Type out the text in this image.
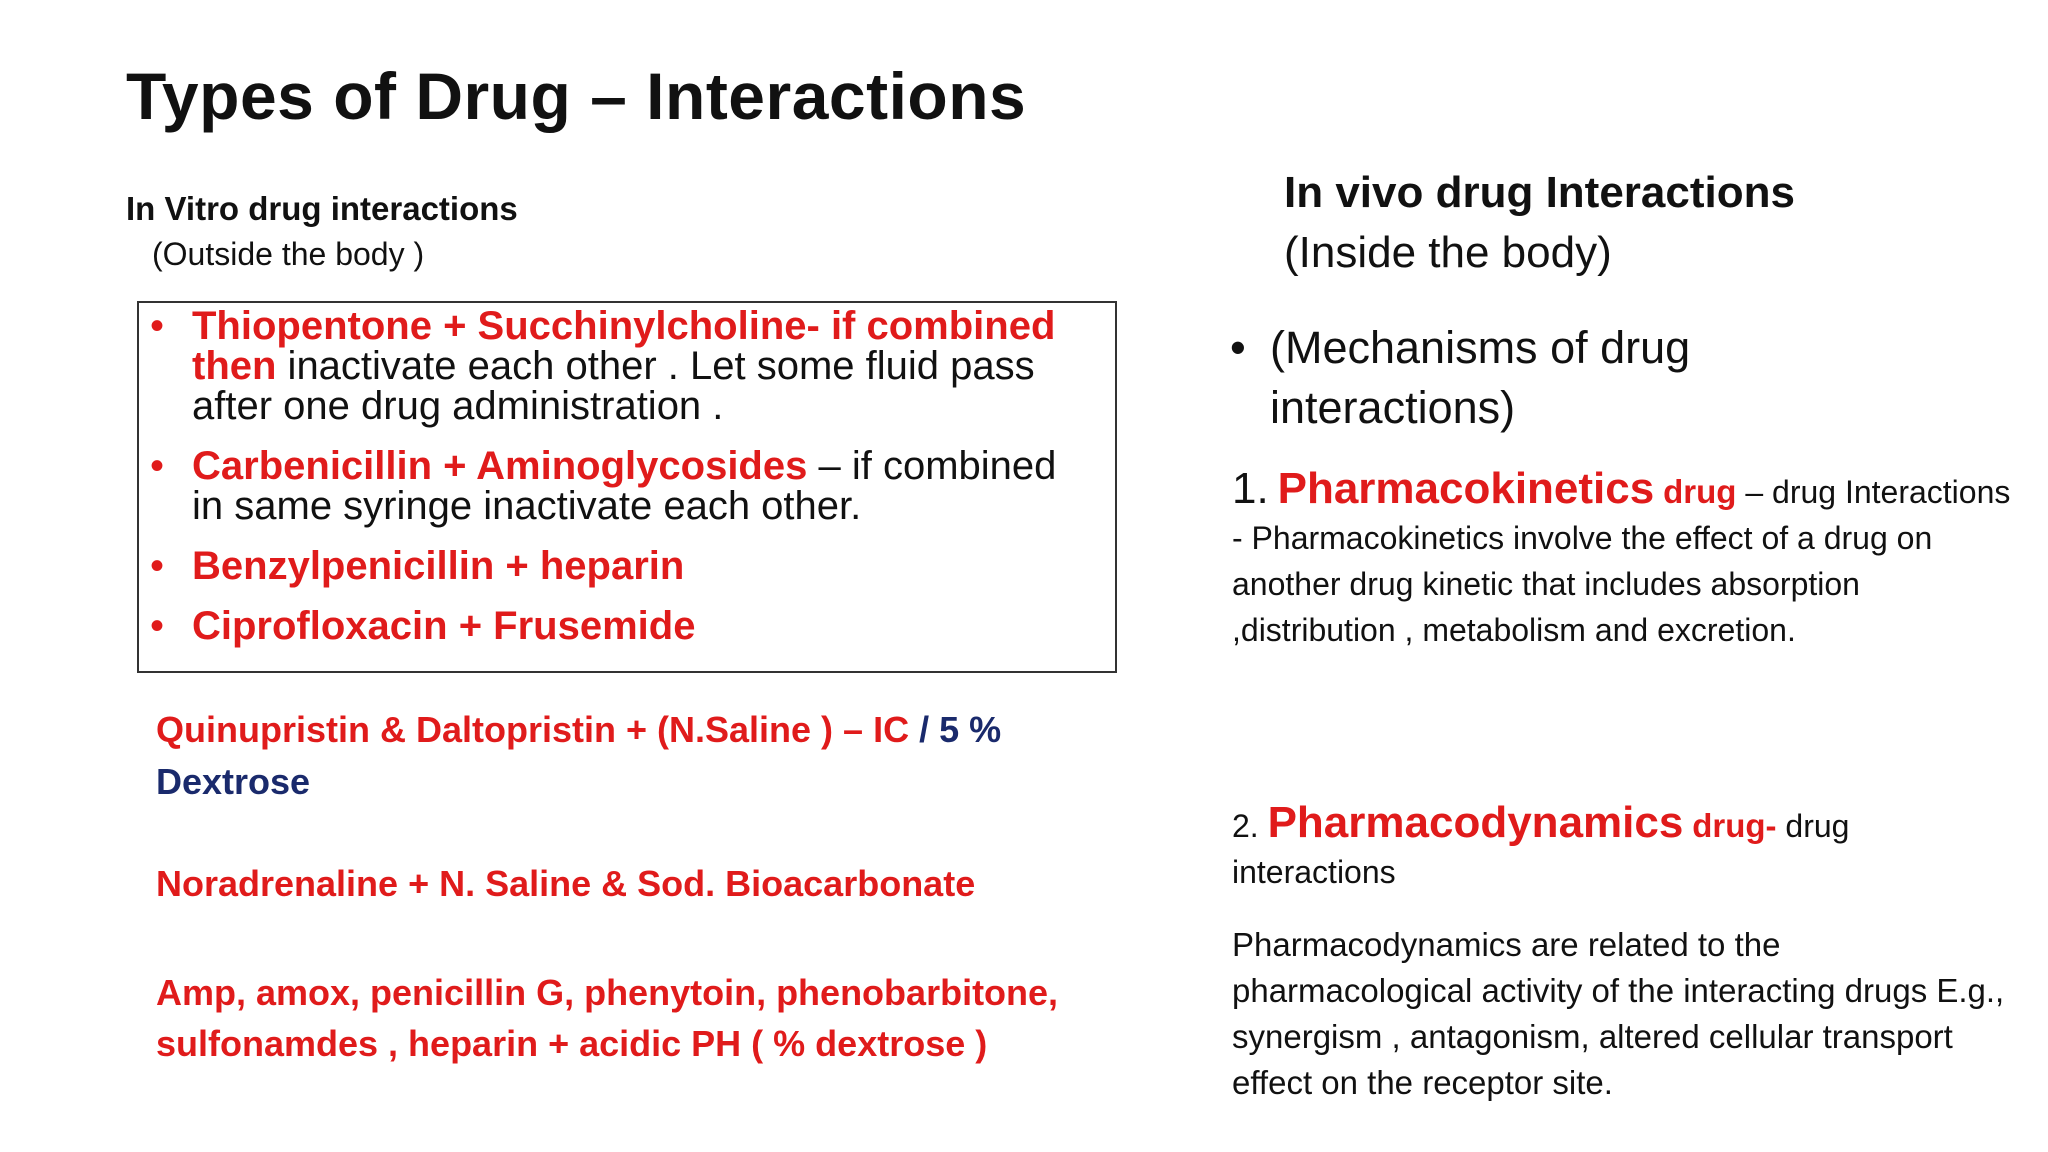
Types of Drug – Interactions
In Vitro drug interactions
(Outside the body )
• Thiopentone + Succhinylcholine- if combined then inactivate each other . Let some fluid pass after one drug administration .
• Carbenicillin + Aminoglycosides – if combined in same syringe inactivate each other.
• Benzylpenicillin + heparin
• Ciprofloxacin + Frusemide
Quinupristin & Daltopristin + (N.Saline ) – IC / 5 % Dextrose
Noradrenaline + N. Saline & Sod. Bioacarbonate
Amp, amox, penicillin G, phenytoin, phenobarbitone, sulfonamdes , heparin + acidic PH ( % dextrose )
In vivo drug Interactions
(Inside the body)
• (Mechanisms of drug interactions)
1. Pharmacokinetics drug – drug Interactions - Pharmacokinetics involve the effect of a drug on another drug kinetic that includes absorption ,distribution , metabolism and excretion.
2. Pharmacodynamics drug- drug interactions
Pharmacodynamics are related to the pharmacological activity of the interacting drugs E.g., synergism , antagonism, altered cellular transport effect on the receptor site.
